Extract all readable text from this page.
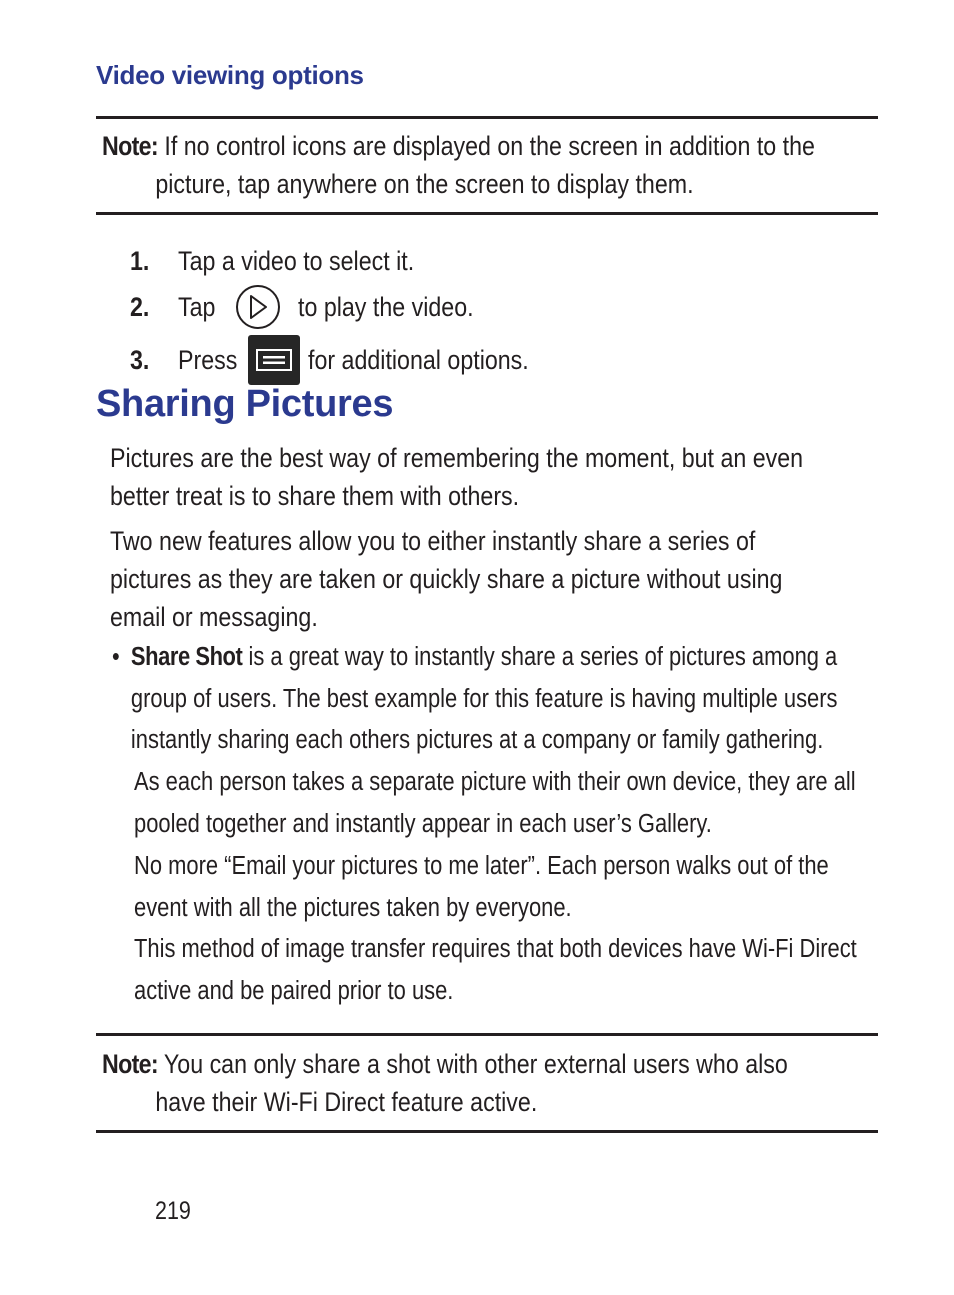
Video viewing options
Note: If no control icons are displayed on the screen in addition to the
picture, tap anywhere on the screen to display them.
1.	Tap a video to select it.
2.	Tap	to play the video.
3.	Press	for additional options.
Sharing Pictures
Pictures are the best way of remembering the moment, but an even
better treat is to share them with others.
Two new features allow you to either instantly share a series of
pictures as they are taken or quickly share a picture without using
email or messaging.
• Share Shot is a great way to instantly share a series of pictures among a
group of users. The best example for this feature is having multiple users
instantly sharing each others pictures at a company or family gathering.
As each person takes a separate picture with their own device, they are all
pooled together and instantly appear in each user’s Gallery.
No more “Email your pictures to me later”. Each person walks out of the
event with all the pictures taken by everyone.
This method of image transfer requires that both devices have Wi-Fi Direct
active and be paired prior to use.
Note: You can only share a shot with other external users who also
have their Wi-Fi Direct feature active.
219
